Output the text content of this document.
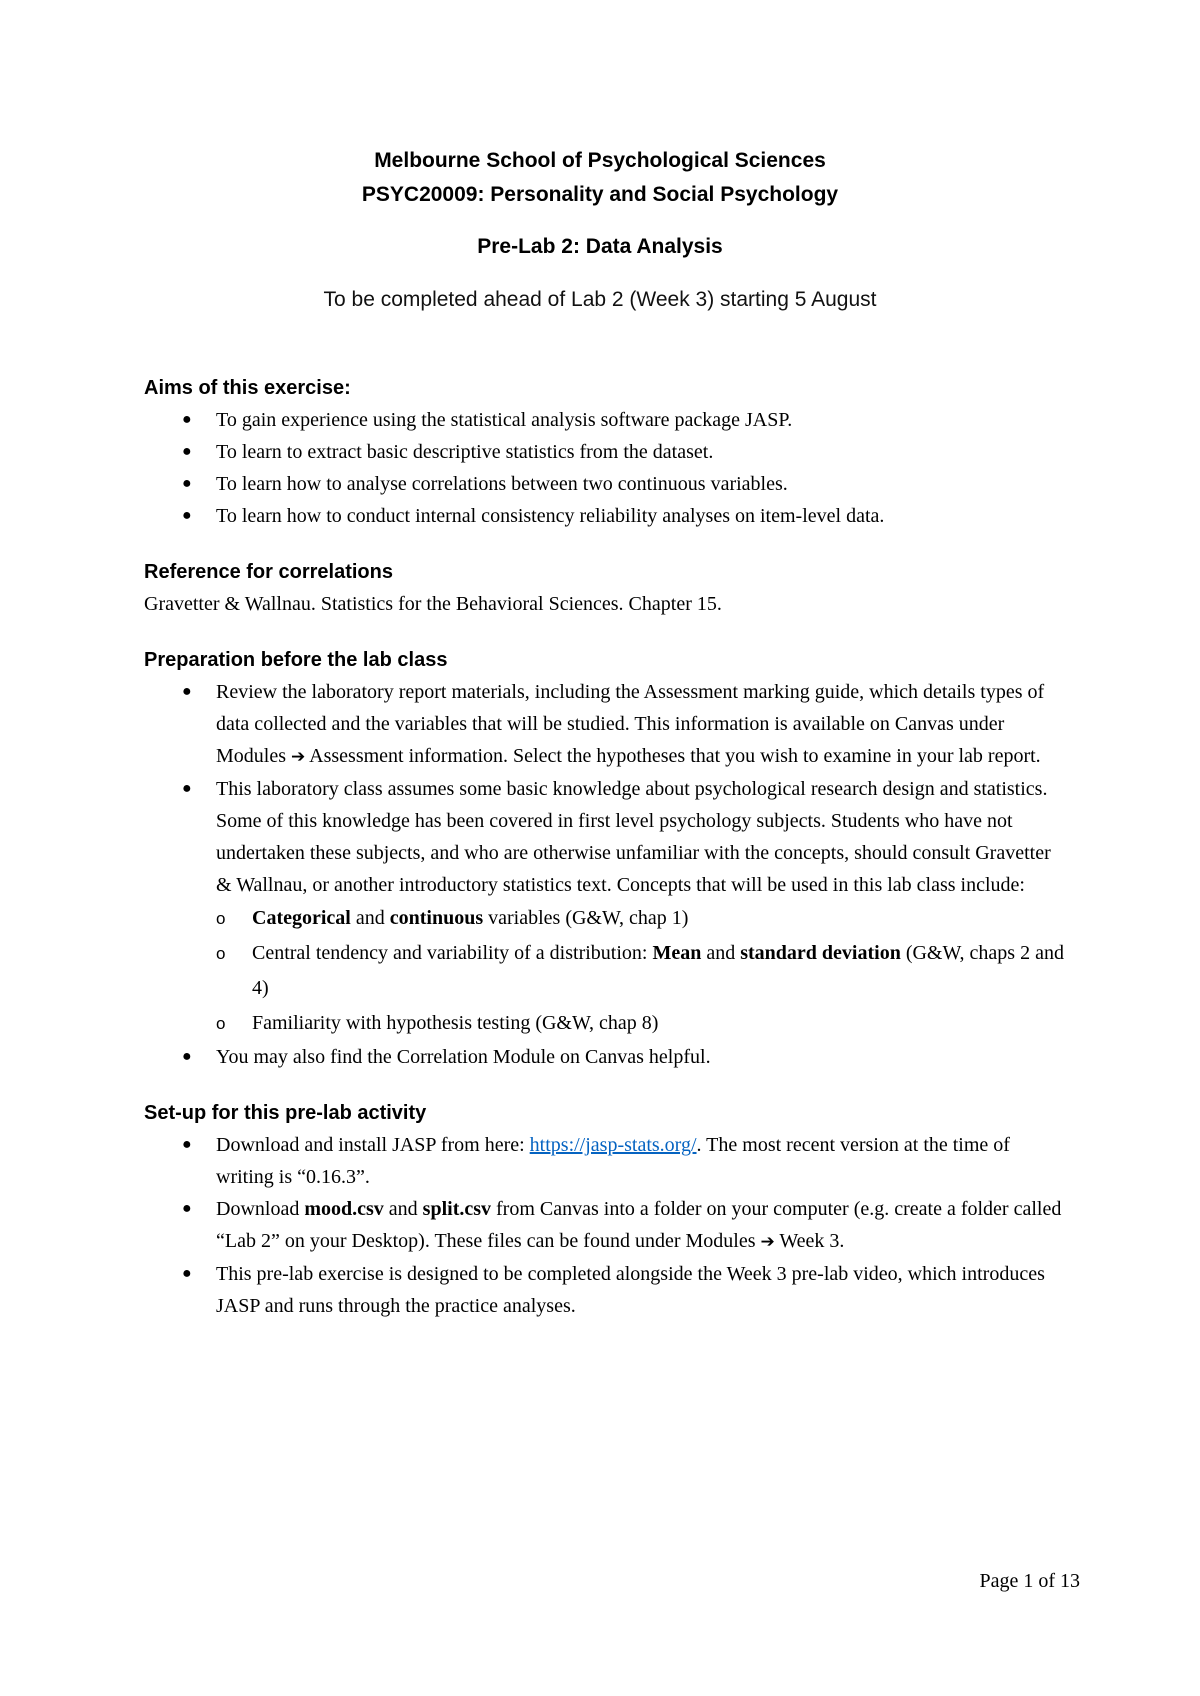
Melbourne School of Psychological Sciences

PSYC20009: Personality and Social Psychology

Pre-Lab 2: Data Analysis

To be completed ahead of Lab 2 (Week 3) starting 5 August

Aims of this exercise:
● To gain experience using the statistical analysis software package JASP.
● To learn to extract basic descriptive statistics from the dataset.
● To learn how to analyse correlations between two continuous variables.
● To learn how to conduct internal consistency reliability analyses on item-level data.
Reference for correlations

Gravetter & Wallnau. Statistics for the Behavioral Sciences. Chapter 15.

Preparation before the lab class
● Review the laboratory report materials, including the Assessment marking guide, which details types of data collected and the variables that will be studied. This information is available on Canvas under Modules ➔ Assessment information. Select the hypotheses that you wish to examine in your lab report.
● This laboratory class assumes some basic knowledge about psychological research design and statistics. Some of this knowledge has been covered in first level psychology subjects. Students who have not undertaken these subjects, and who are otherwise unfamiliar with the concepts, should consult Gravetter & Wallnau, or another introductory statistics text. Concepts that will be used in this lab class include:
o Categorical and continuous variables (G&W, chap 1)
o Central tendency and variability of a distribution: Mean and standard deviation (G&W, chaps 2 and 4)
o Familiarity with hypothesis testing (G&W, chap 8)
● You may also find the Correlation Module on Canvas helpful.
Set-up for this pre-lab activity
● Download and install JASP from here: https://jasp-stats.org/. The most recent version at the time of writing is “0.16.3”.
● Download mood.csv and split.csv from Canvas into a folder on your computer (e.g. create a folder called “Lab 2” on your Desktop). These files can be found under Modules ➔ Week 3.
● This pre-lab exercise is designed to be completed alongside the Week 3 pre-lab video, which introduces JASP and runs through the practice analyses.
Page 1 of 13
